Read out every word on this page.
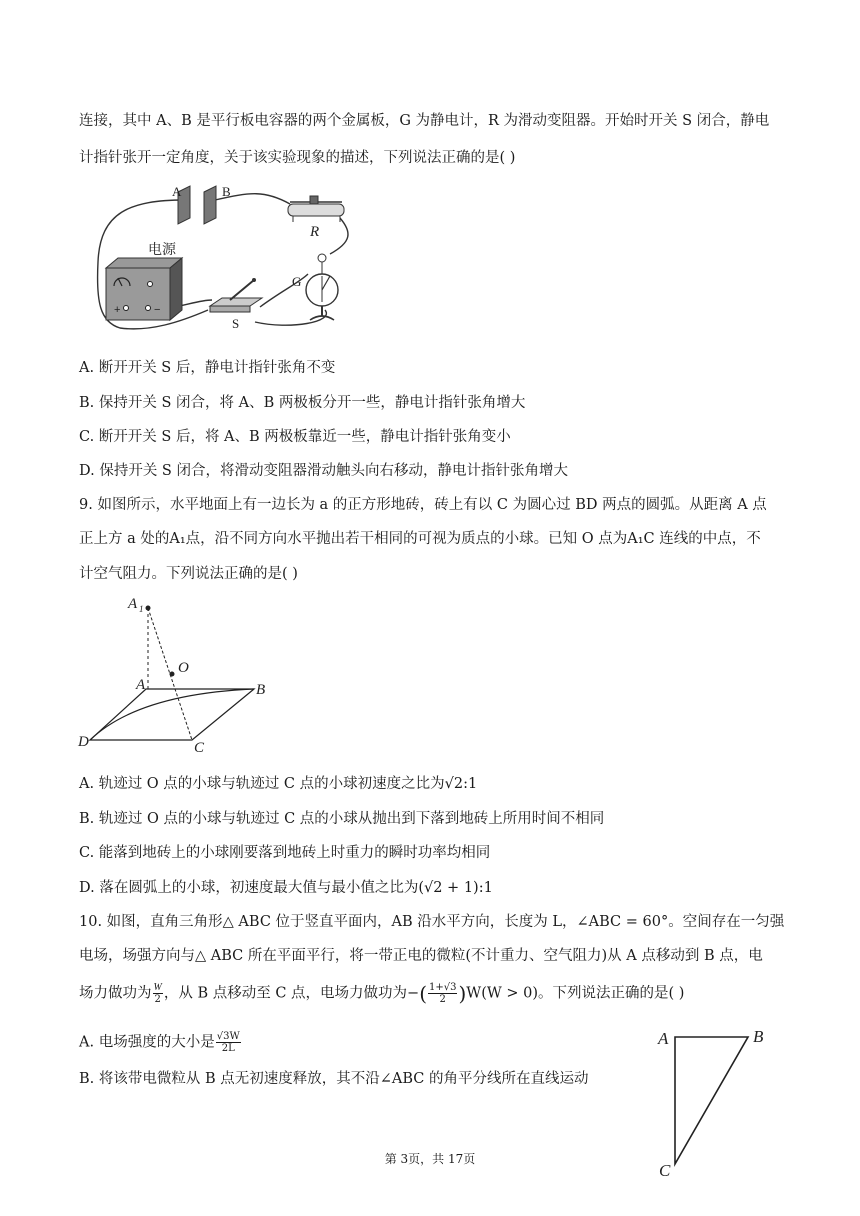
连接，其中 A、B 是平行板电容器的两个金属板，G 为静电计，R 为滑动变阻器。开始时开关 S 闭合，静电
计指针张开一定角度，关于该实验现象的描述，下列说法正确的是( )
A	B
R
电源
+	−
S
G
A. 断开开关 S 后，静电计指针张角不变
B. 保持开关 S 闭合，将 A、B 两极板分开一些，静电计指针张角增大
C. 断开开关 S 后，将 A、B 两极板靠近一些，静电计指针张角变小
D. 保持开关 S 闭合，将滑动变阻器滑动触头向右移动，静电计指针张角增大
9. 如图所示，水平地面上有一边长为 a 的正方形地砖，砖上有以 C 为圆心过 BD 两点的圆弧。从距离 A 点
正上方 a 处的A₁点，沿不同方向水平抛出若干相同的可视为质点的小球。已知 O 点为A₁C 连线的中点，不
计空气阻力。下列说法正确的是( )
A 1
O
A	B
C
D
A. 轨迹过 O 点的小球与轨迹过 C 点的小球初速度之比为√2:1
B. 轨迹过 O 点的小球与轨迹过 C 点的小球从抛出到下落到地砖上所用时间不相同
C. 能落到地砖上的小球刚要落到地砖上时重力的瞬时功率均相同
D. 落在圆弧上的小球，初速度最大值与最小值之比为(√2 + 1):1
10. 如图，直角三角形△ ABC 位于竖直平面内，AB 沿水平方向，长度为 L，∠ABC = 60°。空间存在一匀强
电场，场强方向与△ ABC 所在平面平行，将一带正电的微粒(不计重力、空气阻力)从 A 点移动到 B 点，电
场力做功为 $\frac{W}{2}$ ，从 B 点移动至 C 点，电场力做功为−( $\frac{1+√3}{2} )W(W > 0)$。下列说法正确的是( )
A. 电场强度的大小是 $\frac{√3W}{2L}$
B. 将该带电微粒从 B 点无初速度释放，其不沿∠ABC 的角平分线所在直线运动
A	B
C
第 3页，共 17页
